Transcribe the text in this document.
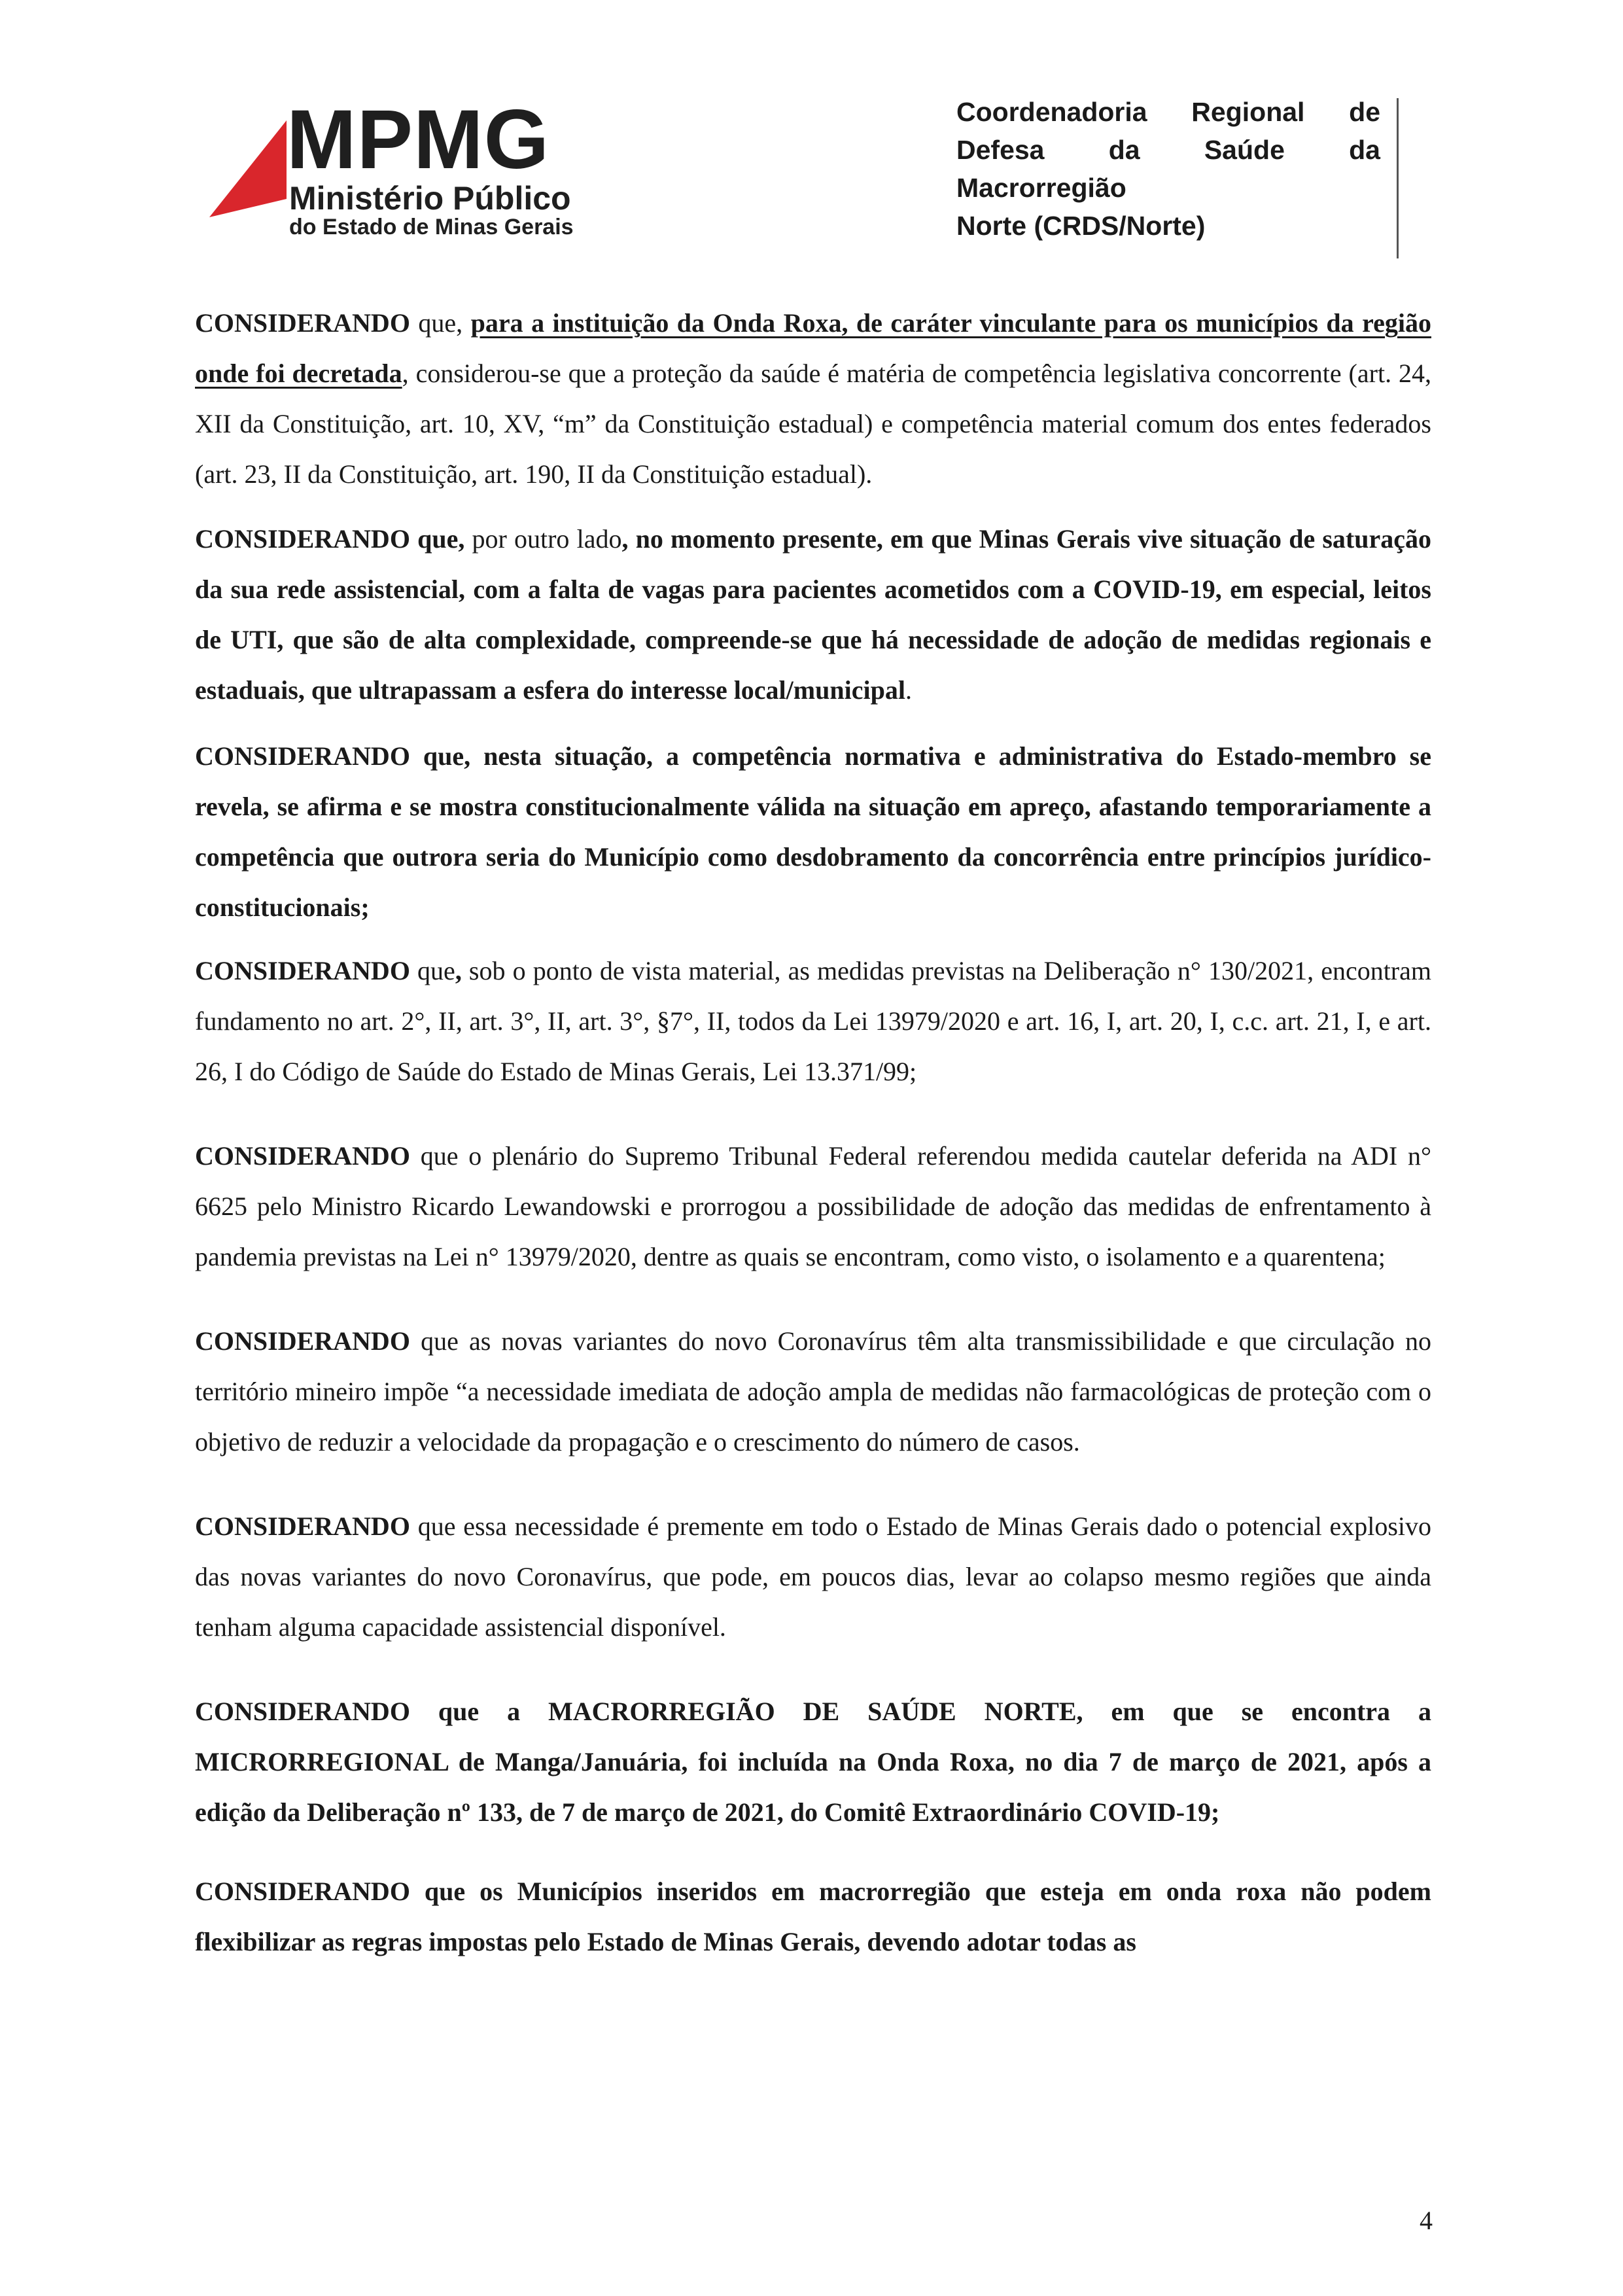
MPMG
Ministério Público
do Estado de Minas Gerais
Coordenadoria Regional de
Defesa da Saúde da Macrorregião
Norte (CRDS/Norte)

CONSIDERANDO que, para a instituição da Onda Roxa, de caráter vinculante para os municípios da região onde foi decretada, considerou-se que a proteção da saúde é matéria de competência legislativa concorrente (art. 24, XII da Constituição, art. 10, XV, “m” da Constituição estadual) e competência material comum dos entes federados (art. 23, II da Constituição, art. 190, II da Constituição estadual).

CONSIDERANDO que, por outro lado, no momento presente, em que Minas Gerais vive situação de saturação da sua rede assistencial, com a falta de vagas para pacientes acometidos com a COVID-19, em especial, leitos de UTI, que são de alta complexidade, compreende-se que há necessidade de adoção de medidas regionais e estaduais, que ultrapassam a esfera do interesse local/municipal.

CONSIDERANDO que, nesta situação, a competência normativa e administrativa do Estado-membro se revela, se afirma e se mostra constitucionalmente válida na situação em apreço, afastando temporariamente a competência que outrora seria do Município como desdobramento da concorrência entre princípios jurídico-constitucionais;

CONSIDERANDO que, sob o ponto de vista material, as medidas previstas na Deliberação n° 130/2021, encontram fundamento no art. 2°, II, art. 3°, II, art. 3°, §7°, II, todos da Lei 13979/2020 e art. 16, I, art. 20, I, c.c. art. 21, I, e art. 26, I do Código de Saúde do Estado de Minas Gerais, Lei 13.371/99;

CONSIDERANDO que o plenário do Supremo Tribunal Federal referendou medida cautelar deferida na ADI n° 6625 pelo Ministro Ricardo Lewandowski e prorrogou a possibilidade de adoção das medidas de enfrentamento à pandemia previstas na Lei n° 13979/2020, dentre as quais se encontram, como visto, o isolamento e a quarentena;

CONSIDERANDO que as novas variantes do novo Coronavírus têm alta transmissibilidade e que circulação no território mineiro impõe “a necessidade imediata de adoção ampla de medidas não farmacológicas de proteção com o objetivo de reduzir a velocidade da propagação e o crescimento do número de casos.

CONSIDERANDO que essa necessidade é premente em todo o Estado de Minas Gerais dado o potencial explosivo das novas variantes do novo Coronavírus, que pode, em poucos dias, levar ao colapso mesmo regiões que ainda tenham alguma capacidade assistencial disponível.

CONSIDERANDO que a MACRORREGIÃO DE SAÚDE NORTE, em que se encontra a MICRORREGIONAL de Manga/Januária, foi incluída na Onda Roxa, no dia 7 de março de 2021, após a edição da Deliberação nº 133, de 7 de março de 2021, do Comitê Extraordinário COVID-19;

CONSIDERANDO que os Municípios inseridos em macrorregião que esteja em onda roxa não podem flexibilizar as regras impostas pelo Estado de Minas Gerais, devendo adotar todas as

4
